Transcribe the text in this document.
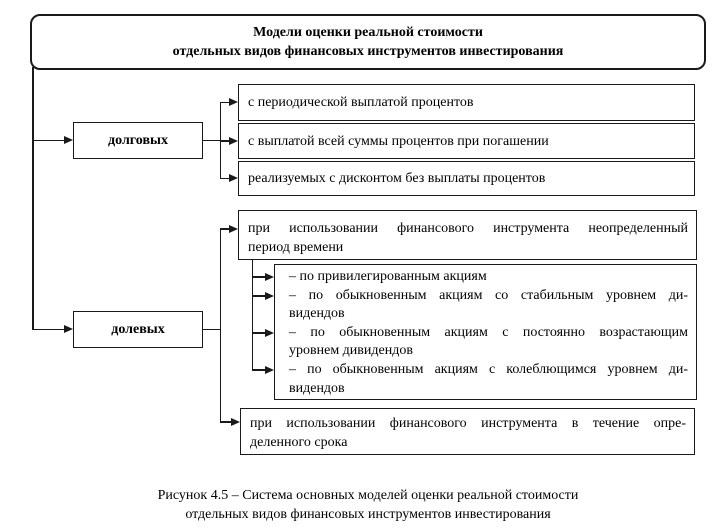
Модели оценки реальной стоимости
отдельных видов финансовых инструментов инвестирования
долговых
с периодической выплатой процентов
с выплатой всей суммы процентов при погашении
реализуемых с дисконтом без выплаты процентов
долевых
при использовании финансового инструмента неопределенный
период времени
– по привилегированным акциям
– по обыкновенным акциям со стабильным уровнем ди-
видендов
– по обыкновенным акциям с постоянно возрастающим
уровнем дивидендов
– по обыкновенным акциям с колеблющимся уровнем ди-
видендов
при использовании финансового инструмента в течение опре-
деленного срока
Рисунок 4.5 – Система основных моделей оценки реальной стоимости
отдельных видов финансовых инструментов инвестирования
